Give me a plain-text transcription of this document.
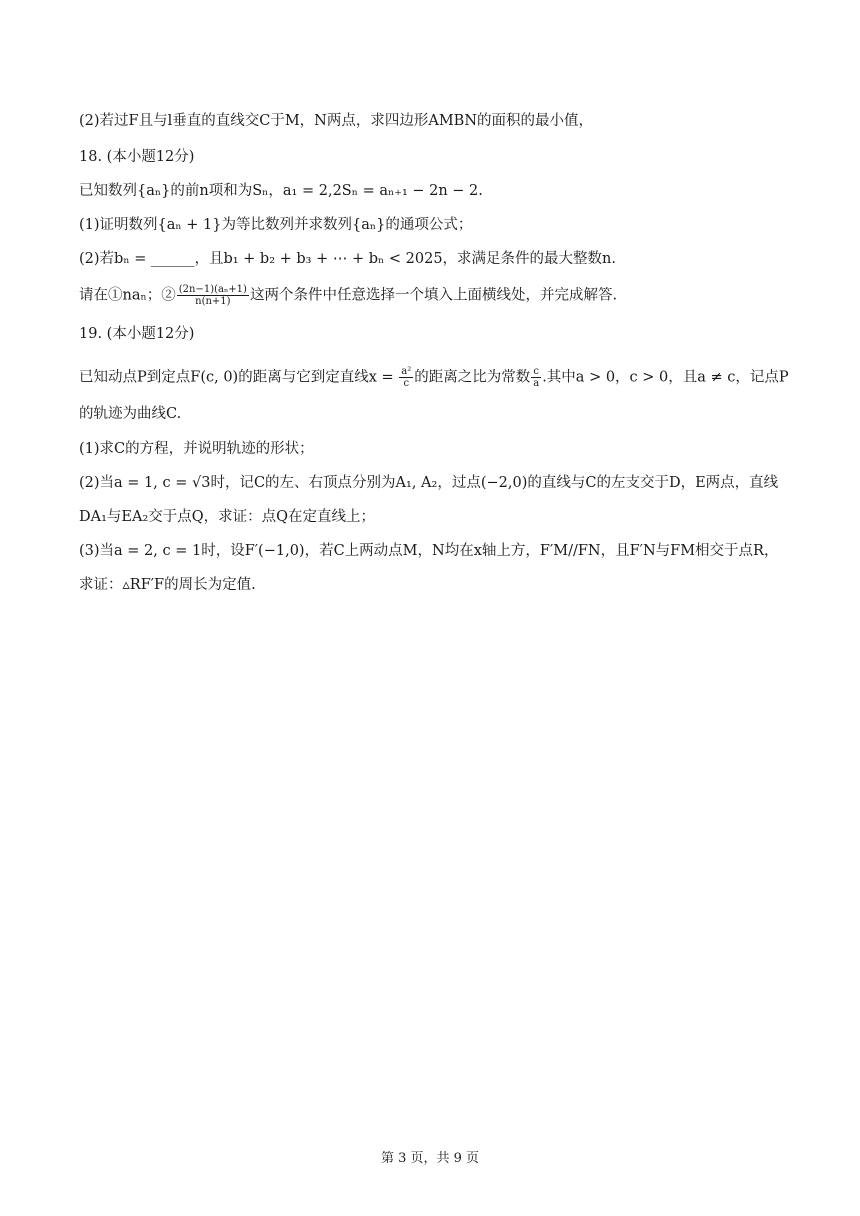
(2)若过F且与l垂直的直线交C于M，N两点，求四边形AMBN的面积的最小值，
18. (本小题12分)
已知数列{aₙ}的前n项和为Sₙ，a₁ = 2,2Sₙ = aₙ₊₁ − 2n − 2.
(1)证明数列{aₙ + 1}为等比数列并求数列{aₙ}的通项公式；
(2)若bₙ = ______，且b₁ + b₂ + b₃ + ⋯ + bₙ < 2025，求满足条件的最大整数n.
请在①naₙ；② $\frac{\text{(2n−1)(aₙ+1)}}{n(n+1)}$ 这两个条件中任意选择一个填入上面横线处，并完成解答.
19. (本小题12分)
已知动点P到定点F(c, 0)的距离与它到定直线$x = \frac{\text{a²}}{c}$ 的距离之比为常数 $\frac{c}{a}$ .其中a > 0，c > 0，且a ≠ c，记点P
的轨迹为曲线C.
(1)求C的方程，并说明轨迹的形状；
(2)当a = 1, c = √3时，记C的左、右顶点分别为A₁, A₂，过点(−2,0)的直线与C的左支交于D，E两点，直线
DA₁与EA₂交于点Q，求证：点Q在定直线上；
(3)当a = 2, c = 1时，设F′(−1,0)，若C上两动点M，N均在x轴上方，F′M//FN，且F′N与FM相交于点R，
求证：▵RF′F的周长为定值.
第 3 页，共 9 页
